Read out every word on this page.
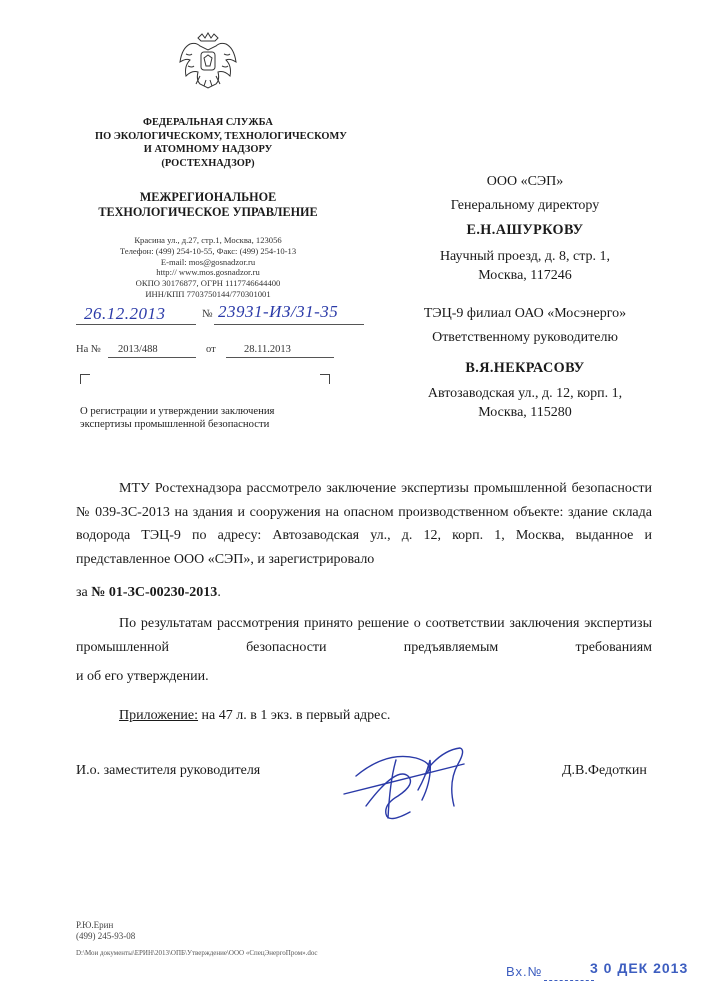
ФЕДЕРАЛЬНАЯ СЛУЖБА
ПО ЭКОЛОГИЧЕСКОМУ, ТЕХНОЛОГИЧЕСКОМУ
И АТОМНОМУ НАДЗОРУ
(РОСТЕХНАДЗОР)
МЕЖРЕГИОНАЛЬНОЕ
ТЕХНОЛОГИЧЕСКОЕ УПРАВЛЕНИЕ
Красина ул., д.27, стр.1, Москва, 123056
Телефон: (499) 254-10-55, Факс: (499) 254-10-13
E-mail: mos@gosnadzor.ru
http:// www.mos.gosnadzor.ru
ОКПО 30176877, ОГРН 1117746644400
ИНН/КПП 7703750144/770301001
26.12.2013	№ 23931-ИЗ/31-35
На № 2013/488	от	28.11.2013
О регистрации и утверждении заключения экспертизы промышленной безопасности
ООО «СЭП»
Генеральному директору
Е.Н.АШУРКОВУ
Научный проезд, д. 8, стр. 1,
Москва, 117246
ТЭЦ-9 филиал ОАО «Мосэнерго»
Ответственному руководителю
В.Я.НЕКРАСОВУ
Автозаводская ул., д. 12, корп. 1,
Москва, 115280
МТУ Ростехнадзора рассмотрело заключение экспертизы промышленной безопасности № 039-ЗС-2013 на здания и сооружения на опасном производственном объекте: здание склада водорода ТЭЦ-9 по адресу: Автозаводская ул., д. 12, корп. 1, Москва, выданное и представленное ООО «СЭП», и зарегистрировало
за № 01-ЗС-00230-2013.
По результатам рассмотрения принято решение о соответствии заключения экспертизы промышленной безопасности предъявляемым требованиям
и об его утверждении.
Приложение: на 47 л. в 1 экз. в первый адрес.
И.о. заместителя руководителя	Д.В.Федоткин
Р.Ю.Ерин
(499) 245-93-08
D:\Мои документы\ЕРИН\2013\ОПБ\Утверждение\ООО «СпецЭнергоПром».doc
Вх.№	3 0 ДЕК 2013
